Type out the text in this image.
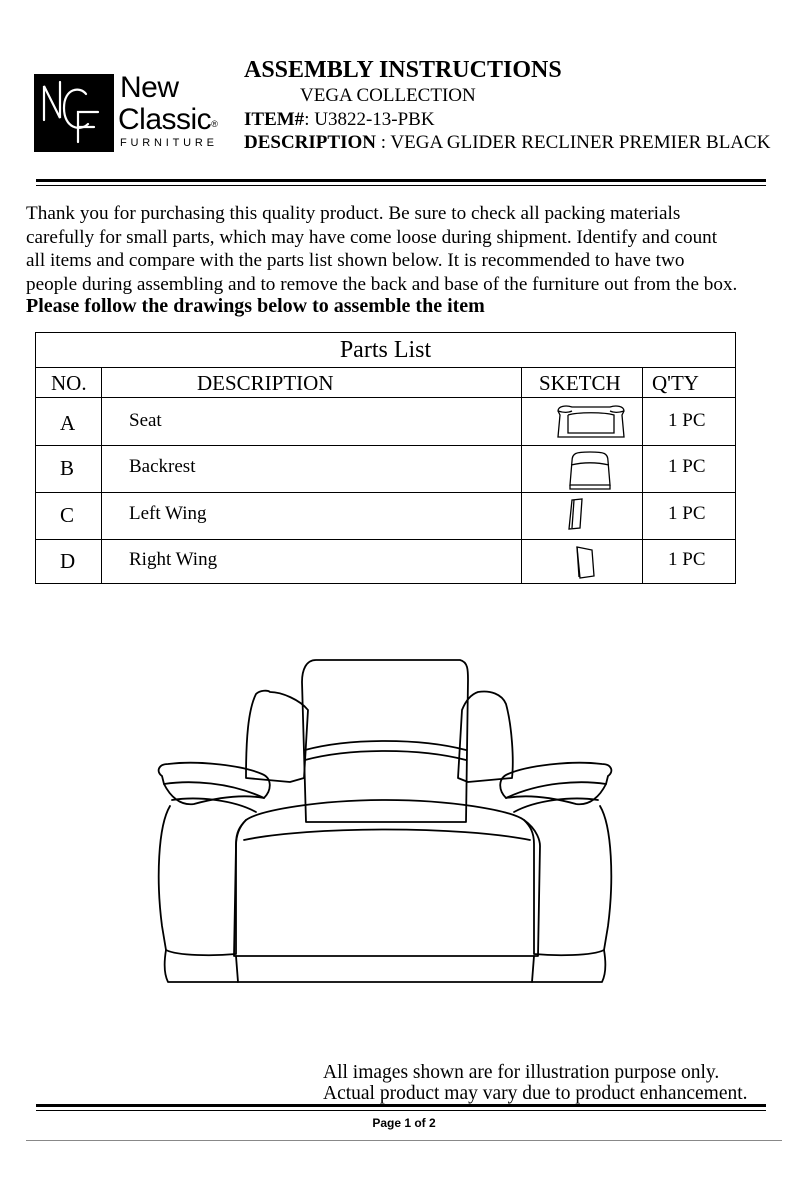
New
Classic®
FURNITURE
ASSEMBLY INSTRUCTIONS
VEGA COLLECTION
ITEM#: U3822-13-PBK
DESCRIPTION : VEGA GLIDER RECLINER PREMIER BLACK
Thank you for purchasing this quality product. Be sure to check all packing materials
carefully for small parts, which may have come loose during shipment. Identify and count
all items and compare with the parts list shown below. It is recommended to have two
people during assembling and to remove the back and base of the furniture out from the box.
Please follow the drawings below to assemble the item
Parts List
NO.	DESCRIPTION	SKETCH Q'TY
A	Seat	1 PC
B	Backrest	1 PC
C	Left Wing	1 PC
D	Right Wing	1 PC
All images shown are for illustration purpose only.
Actual product may vary due to product enhancement.
Page 1 of 2
